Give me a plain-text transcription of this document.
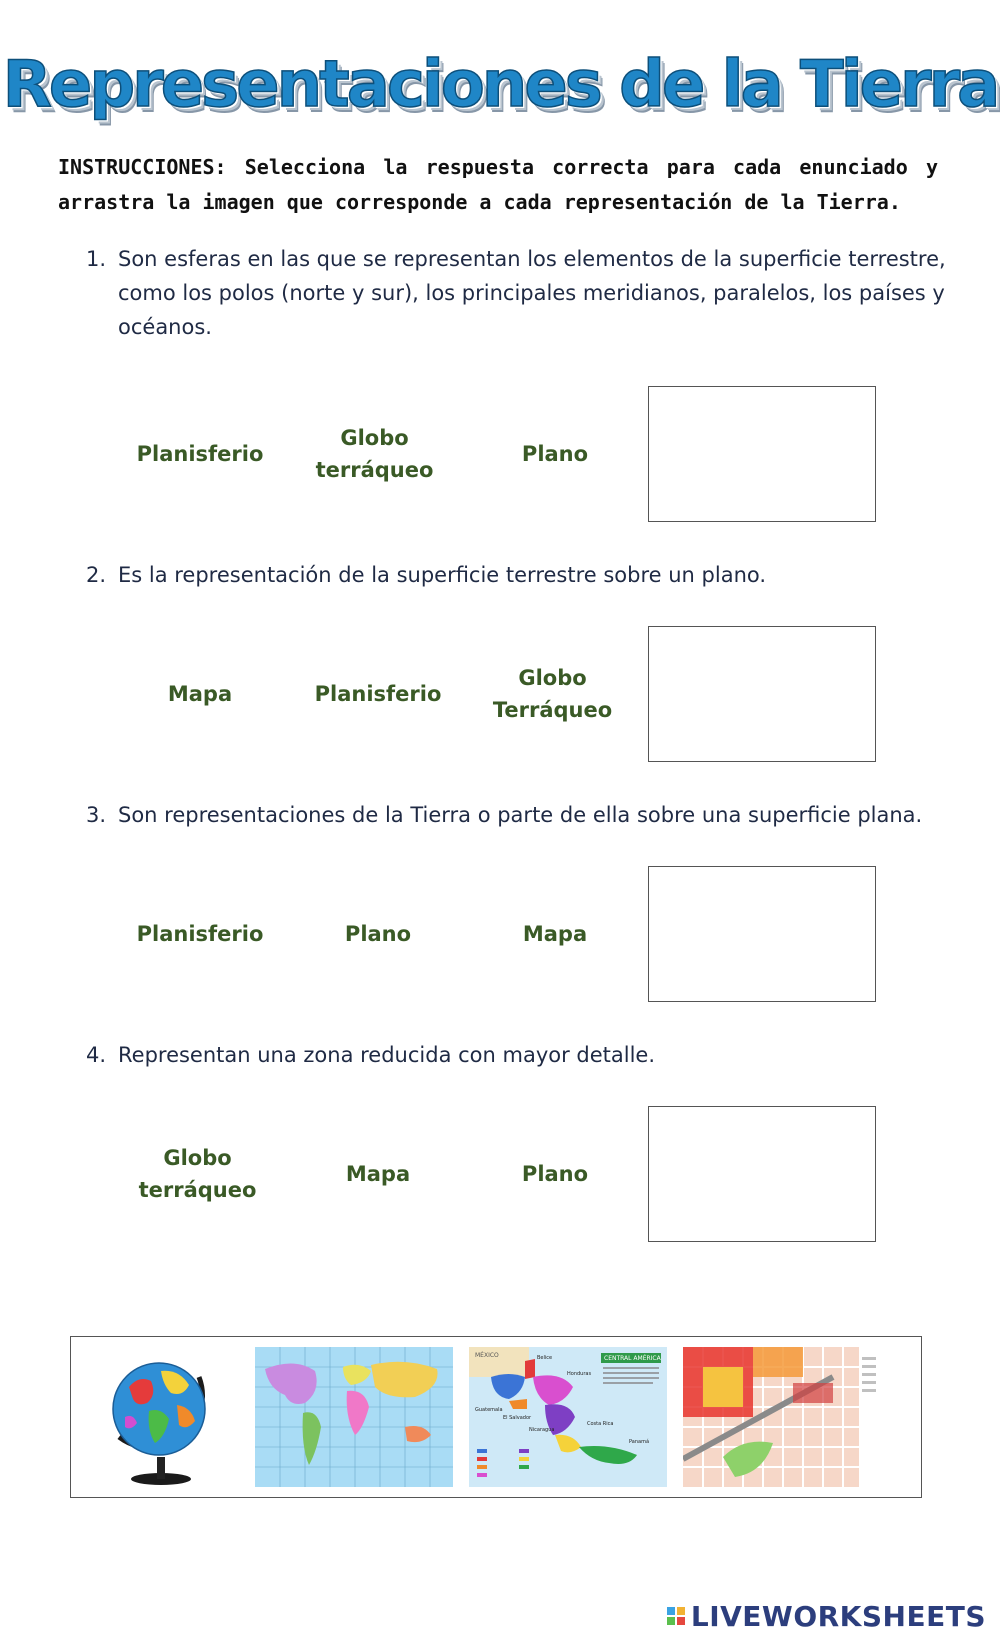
Representaciones de la Tierra
INSTRUCCIONES: Selecciona la respuesta correcta para cada enunciado y arrastra la imagen que corresponde a cada representación de la Tierra.
1. Son esferas en las que se representan los elementos de la superficie terrestre, como los polos (norte y sur), los principales meridianos, paralelos, los países y océanos.
Planisferio
Globo terráqueo
Plano
2. Es la representación de la superficie terrestre sobre un plano.
Mapa	Planisferio
Globo Terráqueo
3. Son representaciones de la Tierra o parte de ella sobre una superficie plana.
Planisferio	Plano	Mapa
4. Representan una zona reducida con mayor detalle.
Globo terráqueo
Mapa	Plano
MÉXICO	CENTRAL AMÉRICA
Belice
Honduras
Guatemala
El Salvador
Nicaragua
Costa Rica
Panamá
LIVEWORKSHEETS
